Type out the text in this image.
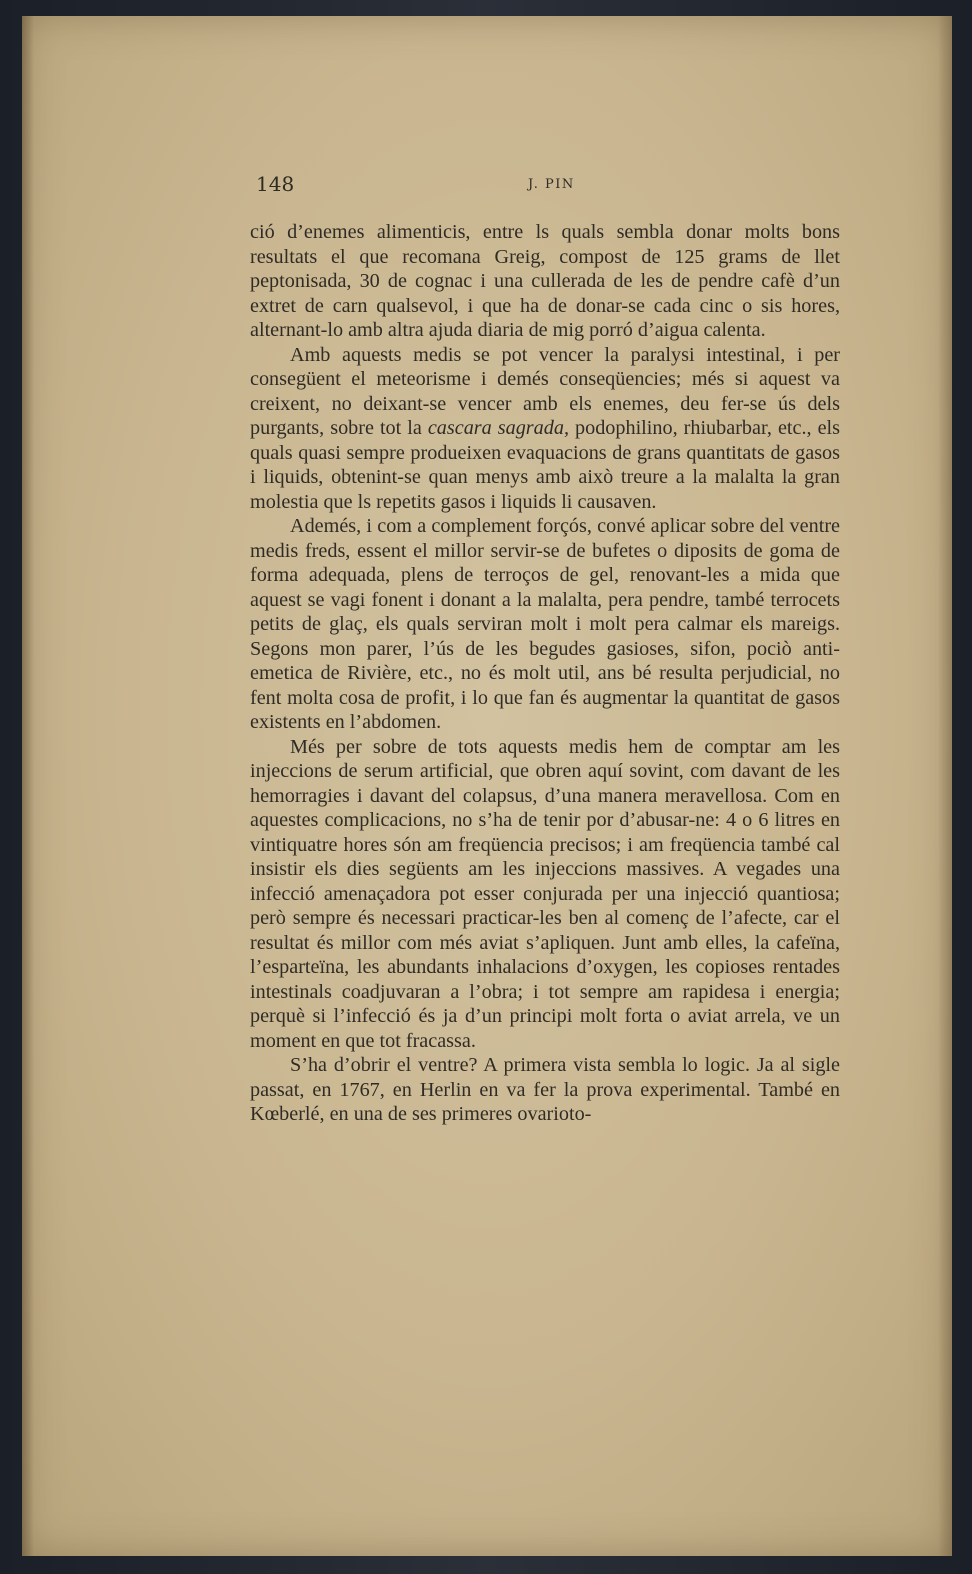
148	J. PIN

ció d’enemes alimenticis, entre ls quals sembla donar molts bons resultats el que recomana Greig, compost de 125 grams de llet peptonisada, 30 de cognac i una cullerada de les de pendre cafè d’un extret de carn qualsevol, i que ha de donar-se cada cinc o sis hores, alternant-lo amb altra ajuda diaria de mig porró d’aigua calenta.

Amb aquests medis se pot vencer la paralysi intestinal, i per consegüent el meteorisme i demés conseqüencies; més si aquest va creixent, no deixant-se vencer amb els enemes, deu fer-se ús dels purgants, sobre tot la cascara sagrada, podophilino, rhiubarbar, etc., els quals quasi sempre produeixen evaquacions de grans quantitats de gasos i liquids, obtenint-se quan menys amb això treure a la malalta la gran molestia que ls repetits gasos i liquids li causaven.

Ademés, i com a complement forçós, convé aplicar sobre del ventre medis freds, essent el millor servir-se de bufetes o diposits de goma de forma adequada, plens de terroços de gel, renovant-les a mida que aquest se vagi fonent i donant a la malalta, pera pendre, també terrocets petits de glaç, els quals serviran molt i molt pera calmar els mareigs. Segons mon parer, l’ús de les begudes gasioses, sifon, pociò anti-emetica de Rivière, etc., no és molt util, ans bé resulta perjudicial, no fent molta cosa de profit, i lo que fan és augmentar la quantitat de gasos existents en l’abdomen.

Més per sobre de tots aquests medis hem de comptar am les injeccions de serum artificial, que obren aquí sovint, com davant de les hemorragies i davant del colapsus, d’una manera meravellosa. Com en aquestes complicacions, no s’ha de tenir por d’abusar-ne: 4 o 6 litres en vintiquatre hores són am freqüencia precisos; i am freqüencia també cal insistir els dies següents am les injeccions massives. A vegades una infecció amenaçadora pot esser conjurada per una injecció quantiosa; però sempre és necessari practicar-les ben al començ de l’afecte, car el resultat és millor com més aviat s’apliquen. Junt amb elles, la cafeïna, l’esparteïna, les abundants inhalacions d’oxygen, les copioses rentades intestinals coadjuvaran a l’obra; i tot sempre am rapidesa i energia; perquè si l’infecció és ja d’un principi molt forta o aviat arrela, ve un moment en que tot fracassa.

S’ha d’obrir el ventre? A primera vista sembla lo logic. Ja al sigle passat, en 1767, en Herlin en va fer la prova experimental. També en Kœberlé, en una de ses primeres ovarioto-
